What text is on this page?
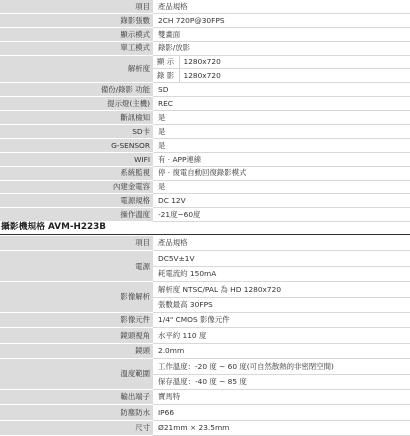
項目	產品規格	
錄影張數	2CH 720P@30FPS	
顯示模式	雙畫面	
單工模式	錄影/放影	
解析度	顯 示	1280x720
	錄 影	1280x720
備份/錄影 功能	SD	
提示燈(主機)	REC	
斷訊檢知	是	
SD卡	是	
G-SENSOR	是	
WIFI	有 · APP連線	
系統監視	停 · 復電自動回復錄影模式	
內建金電容	是	
電源規格	DC 12V	
操作溫度	-21度~60度	
攝影機規格 AVM-H223B
項目	產品規格
電源	DC5V±1V
	耗電流約 150mA
影像解析	解析度 NTSC/PAL 為 HD 1280x720
	張數最高 30FPS
影像元件	1/4" CMOS 影像元件
鏡頭視角	水平約 110 度
鏡頭	2.0mm
溫度範圍	工作溫度：-20 度 ~ 60 度(可自然散熱的非密閉空間)
	保存溫度：-40 度 ~ 85 度
輸出端子	寶馬特
防塵防水	IP66
尺寸	Ø21mm × 23.5mm
